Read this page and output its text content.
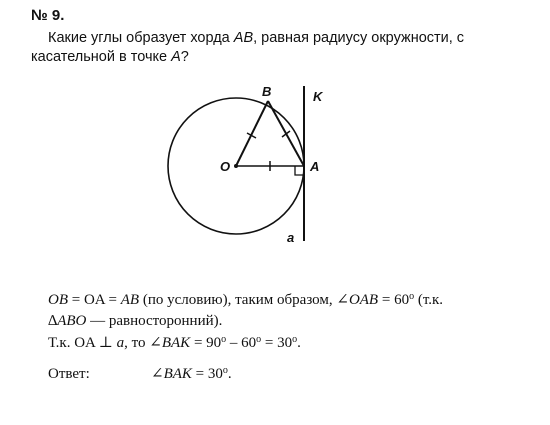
№ 9.
Какие углы образует хорда AB, равная радиусу окружности, с
касательной в точке A?
B	K
O	A
a
OB = OA = AB (по условию), таким образом, ∠OAB = $60^o$ (т.к.
∆ABO — равносторонний).
Т.к. OA ⊥ a, то ∠BAK = $90^o - 60^o = 30^o$.
Ответ:	∠BAK = $30^o$.
